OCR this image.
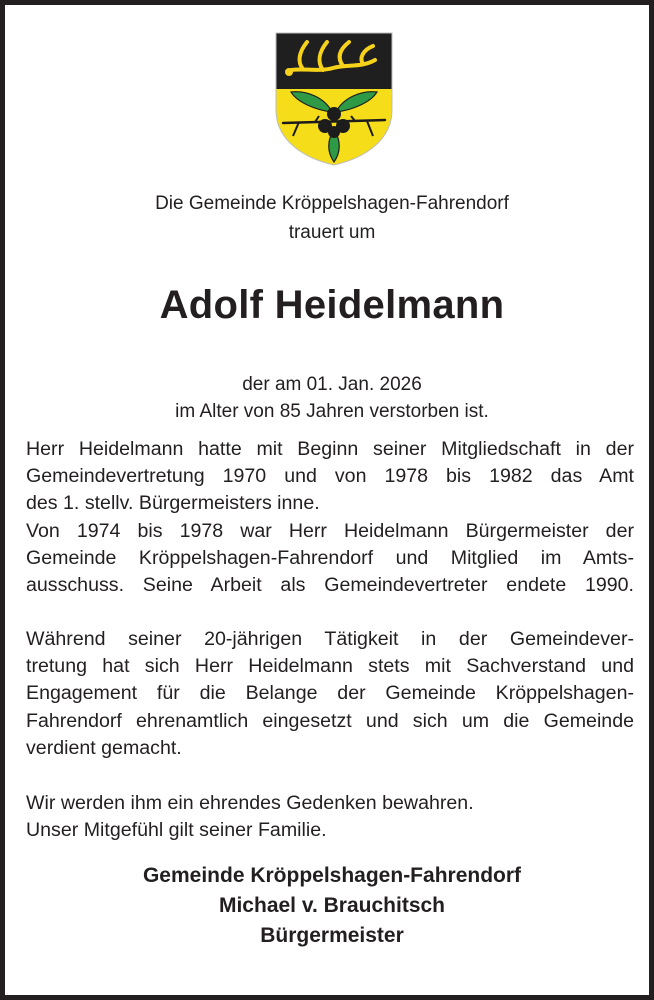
Die Gemeinde Kröppelshagen-Fahrendorf
trauert um
Adolf Heidelmann
der am 01. Jan. 2026
im Alter von 85 Jahren verstorben ist.
Herr Heidelmann hatte mit Beginn seiner Mitgliedschaft in der
Gemeindevertretung 1970 und von 1978 bis 1982 das Amt
des 1. stellv. Bürgermeisters inne.
Von 1974 bis 1978 war Herr Heidelmann Bürgermeister der
Gemeinde Kröppelshagen-Fahrendorf und Mitglied im Amts-
ausschuss. Seine Arbeit als Gemeindevertreter endete 1990.
Während seiner 20-jährigen Tätigkeit in der Gemeindever-
tretung hat sich Herr Heidelmann stets mit Sachverstand und
Engagement für die Belange der Gemeinde Kröppelshagen-
Fahrendorf ehrenamtlich eingesetzt und sich um die Gemeinde
verdient gemacht.
Wir werden ihm ein ehrendes Gedenken bewahren.
Unser Mitgefühl gilt seiner Familie.
Gemeinde Kröppelshagen-Fahrendorf
Michael v. Brauchitsch
Bürgermeister
